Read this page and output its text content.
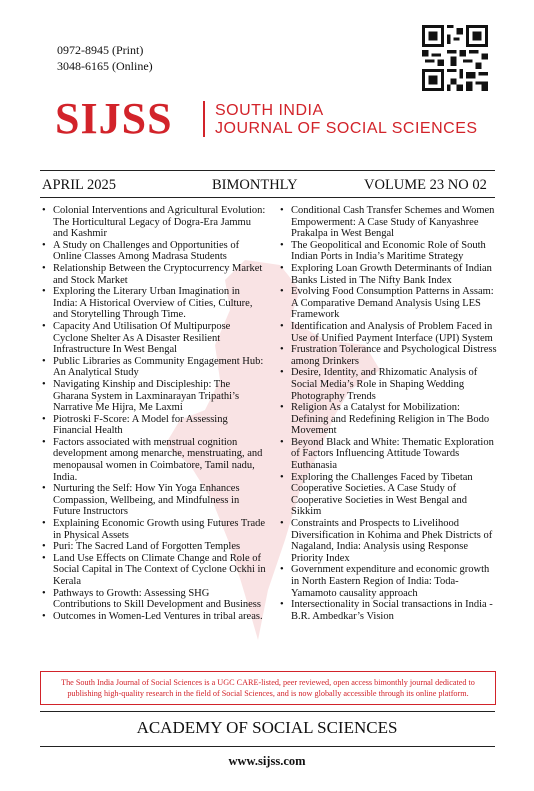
0972-8945 (Print)
3048-6165 (Online)
SIJSS	SOUTH INDIA
JOURNAL OF SOCIAL SCIENCES
APRIL 2025	BIMONTHLY	VOLUME 23 NO 02
• Colonial Interventions and Agricultural Evolution: The Horticultural Legacy of Dogra-Era Jammu and Kashmir
• A Study on Challenges and Opportunities of Online Classes Among Madrasa Students
• Relationship Between the Cryptocurrency Market and Stock Market
• Exploring the Literary Urban Imagination in India: A Historical Overview of Cities, Culture, and Storytelling Through Time.
• Capacity And Utilisation Of Multipurpose Cyclone Shelter As A Disaster Resilient Infrastructure In West Bengal
• Public Libraries as Community Engagement Hub: An Analytical Study
• Navigating Kinship and Discipleship: The Gharana System in Laxminarayan Tripathi’s Narrative Me Hijra, Me Laxmi
• Piotroski F-Score: A Model for Assessing Financial Health
• Factors associated with menstrual cognition development among menarche, menstruating, and menopausal women in Coimbatore, Tamil nadu, India.
• Nurturing the Self: How Yin Yoga Enhances Compassion, Wellbeing, and Mindfulness in Future Instructors
• Explaining Economic Growth using Futures Trade in Physical Assets
• Puri: The Sacred Land of Forgotten Temples
• Land Use Effects on Climate Change and Role of Social Capital in The Context of Cyclone Ockhi in Kerala
• Pathways to Growth: Assessing SHG Contributions to Skill Development and Business
• Outcomes in Women-Led Ventures in tribal areas.
• Conditional Cash Transfer Schemes and Women Empowerment: A Case Study of Kanyashree Prakalpa in West Bengal
• The Geopolitical and Economic Role of South Indian Ports in India’s Maritime Strategy
• Exploring Loan Growth Determinants of Indian Banks Listed in The Nifty Bank Index
• Evolving Food Consumption Patterns in Assam: A Comparative Demand Analysis Using LES Framework
• Identification and Analysis of Problem Faced in Use of Unified Payment Interface (UPI) System
• Frustration Tolerance and Psychological Distress among Drinkers
• Desire, Identity, and Rhizomatic Analysis of Social Media’s Role in Shaping Wedding Photography Trends
• Religion As a Catalyst for Mobilization: Defining and Redefining Religion in The Bodo Movement
• Beyond Black and White: Thematic Exploration of Factors Influencing Attitude Towards Euthanasia
• Exploring the Challenges Faced by Tibetan Cooperative Societies. A Case Study of Cooperative Societies in West Bengal and Sikkim
• Constraints and Prospects to Livelihood Diversification in Kohima and Phek Districts of Nagaland, India: Analysis using Response Priority Index
• Government expenditure and economic growth in North Eastern Region of India: Toda-Yamamoto causality approach
• Intersectionality in Social transactions in India - B.R. Ambedkar’s Vision
The South India Journal of Social Sciences is a UGC CARE-listed, peer reviewed, open access bimonthly journal dedicated to publishing high-quality research in the field of Social Sciences, and is now globally accessible through its online platform.
ACADEMY OF SOCIAL SCIENCES
www.sijss.com
